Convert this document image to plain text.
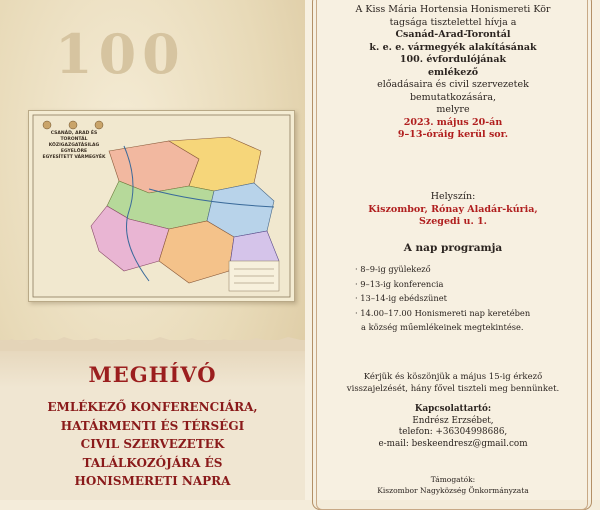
100
CSANÁD, ARAD ÉS TORONTÁL
KÖZIGAZGATÁSILAG EGYELŐRE
EGYESÍTETT VÁRMEGYÉK
MEGHÍVÓ
EMLÉKEZŐ KONFERENCIÁRA,
HATÁRMENTI ÉS TÉRSÉGI
CIVIL SZERVEZETEK
TALÁLKOZÓJÁRA ÉS
HONISMERETI NAPRA
A Kiss Mária Hortensia Honismereti Kör
tagsága tisztelettel hívja a
Csanád-Arad-Torontál
k. e. e. vármegyék alakításának
100. évfordulójának
emlékező
előadásaira és civil szervezetek
bemutatkozására,
melyre
2023. május 20-án
9–13-óráig kerül sor.
Helyszín:
Kiszombor, Rónay Aladár-kúria,
Szegedi u. 1.
A nap programja
· 8–9-ig gyülekező
· 9–13-ig konferencia
· 13–14-ig ebédszünet
· 14.00–17.00 Honismereti nap keretében
a község műemlékeinek megtekintése.
Kérjük és köszönjük a május 15-ig érkező
visszajelzését, hány fővel tiszteli meg bennünket.
Kapcsolattartó:
Endrész Erzsébet,
telefon: +36304998686,
e-mail: beskeendresz@gmail.com
Támogatók:
Kiszombor Nagyközség Önkormányzata
